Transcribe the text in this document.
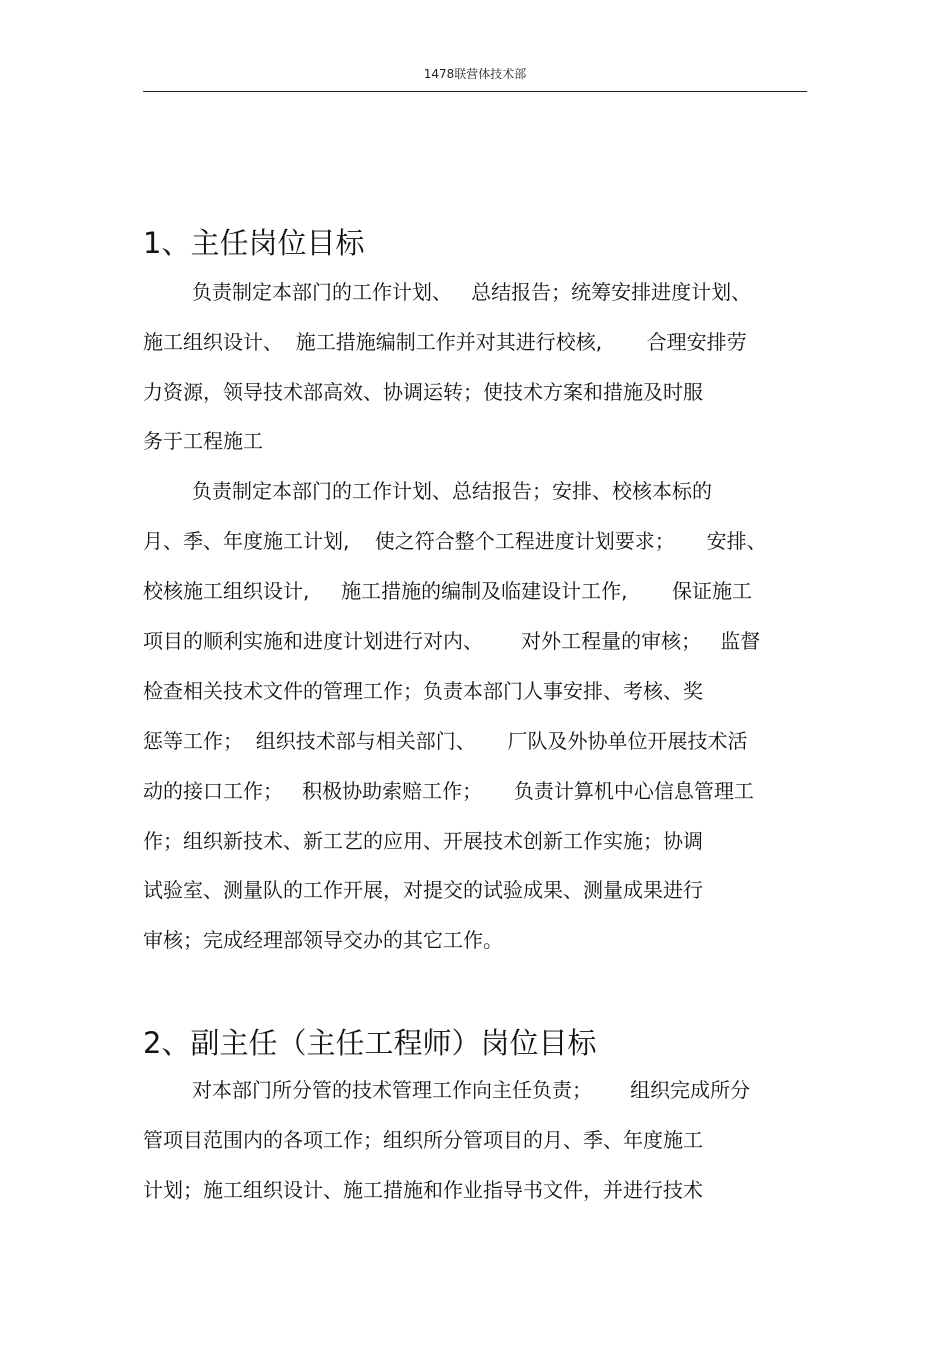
1478联营体技术部
1、主任岗位目标
负责制定本部门的工作计划、   总结报告；统筹安排进度计划、
施工组织设计、  施工措施编制工作并对其进行校核,       合理安排劳
力资源，领导技术部高效、协调运转；使技术方案和措施及时服
务于工程施工
负责制定本部门的工作计划、总结报告；安排、校核本标的
月、季、年度施工计划,    使之符合整个工程进度计划要求；     安排、
校核施工组织设计,     施工措施的编制及临建设计工作,       保证施工
项目的顺利实施和进度计划进行对内、      对外工程量的审核；   监督
检查相关技术文件的管理工作；负责本部门人事安排、考核、奖
惩等工作；  组织技术部与相关部门、     厂队及外协单位开展技术活
动的接口工作；   积极协助索赔工作；     负责计算机中心信息管理工
作；组织新技术、新工艺的应用、开展技术创新工作实施；协调
试验室、测量队的工作开展，对提交的试验成果、测量成果进行
审核；完成经理部领导交办的其它工作。
2、副主任（主任工程师）岗位目标
对本部门所分管的技术管理工作向主任负责；      组织完成所分
管项目范围内的各项工作；组织所分管项目的月、季、年度施工
计划；施工组织设计、施工措施和作业指导书文件，并进行技术
